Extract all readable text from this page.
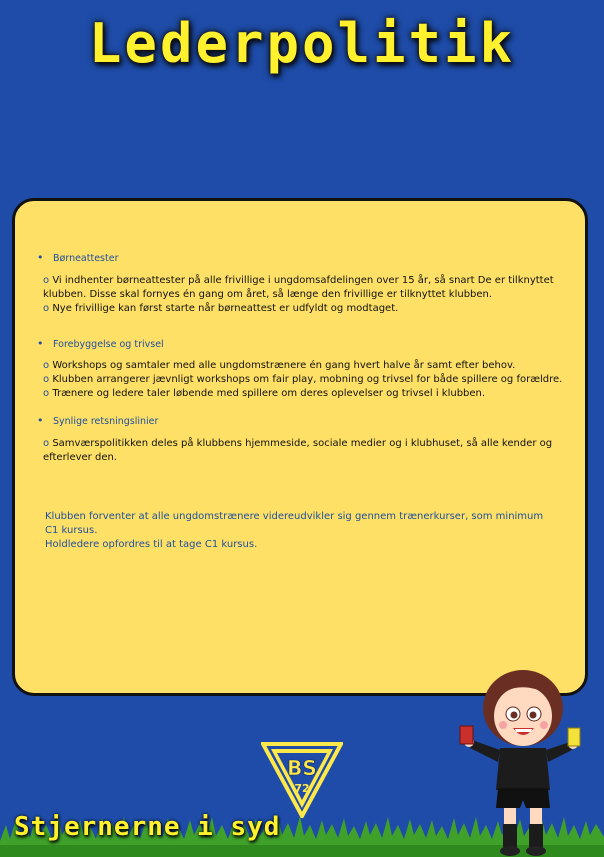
Lederpolitik
• Børneattester
o Vi indhenter børneattester på alle frivillige i ungdomsafdelingen over 15 år, så snart De er tilknyttet klubben. Disse skal fornyes én gang om året, så længe den frivillige er tilknyttet klubben.
o Nye frivillige kan først starte når børneattest er udfyldt og modtaget.
• Forebyggelse og trivsel
o Workshops og samtaler med alle ungdomstrænere én gang hvert halve år samt efter behov.
o Klubben arrangerer jævnligt workshops om fair play, mobning og trivsel for både spillere og forældre.
o Trænere og ledere taler løbende med spillere om deres oplevelser og trivsel i klubben.
• Synlige retsningslinier
o Samværspolitikken deles på klubbens hjemmeside, sociale medier og i klubhuset, så alle kender og efterlever den.
Klubben forventer at alle ungdomstrænere videreudvikler sig gennem trænerkurser, som minimum C1 kursus.
Holdledere opfordres til at tage C1 kursus.
BS
72
Stjernerne i syd
